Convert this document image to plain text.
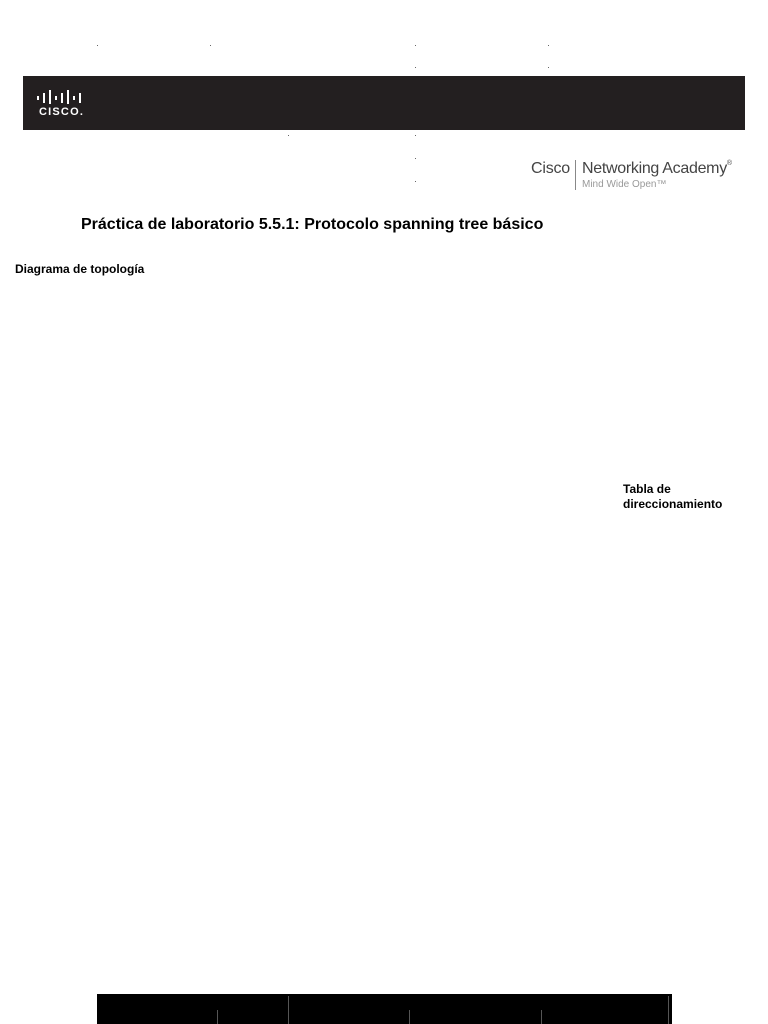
CISCO.
Cisco Networking Academy®
Mind Wide Open™
Práctica de laboratorio 5.5.1: Protocolo spanning tree básico
Diagrama de topología
Tabla de direccionamiento
